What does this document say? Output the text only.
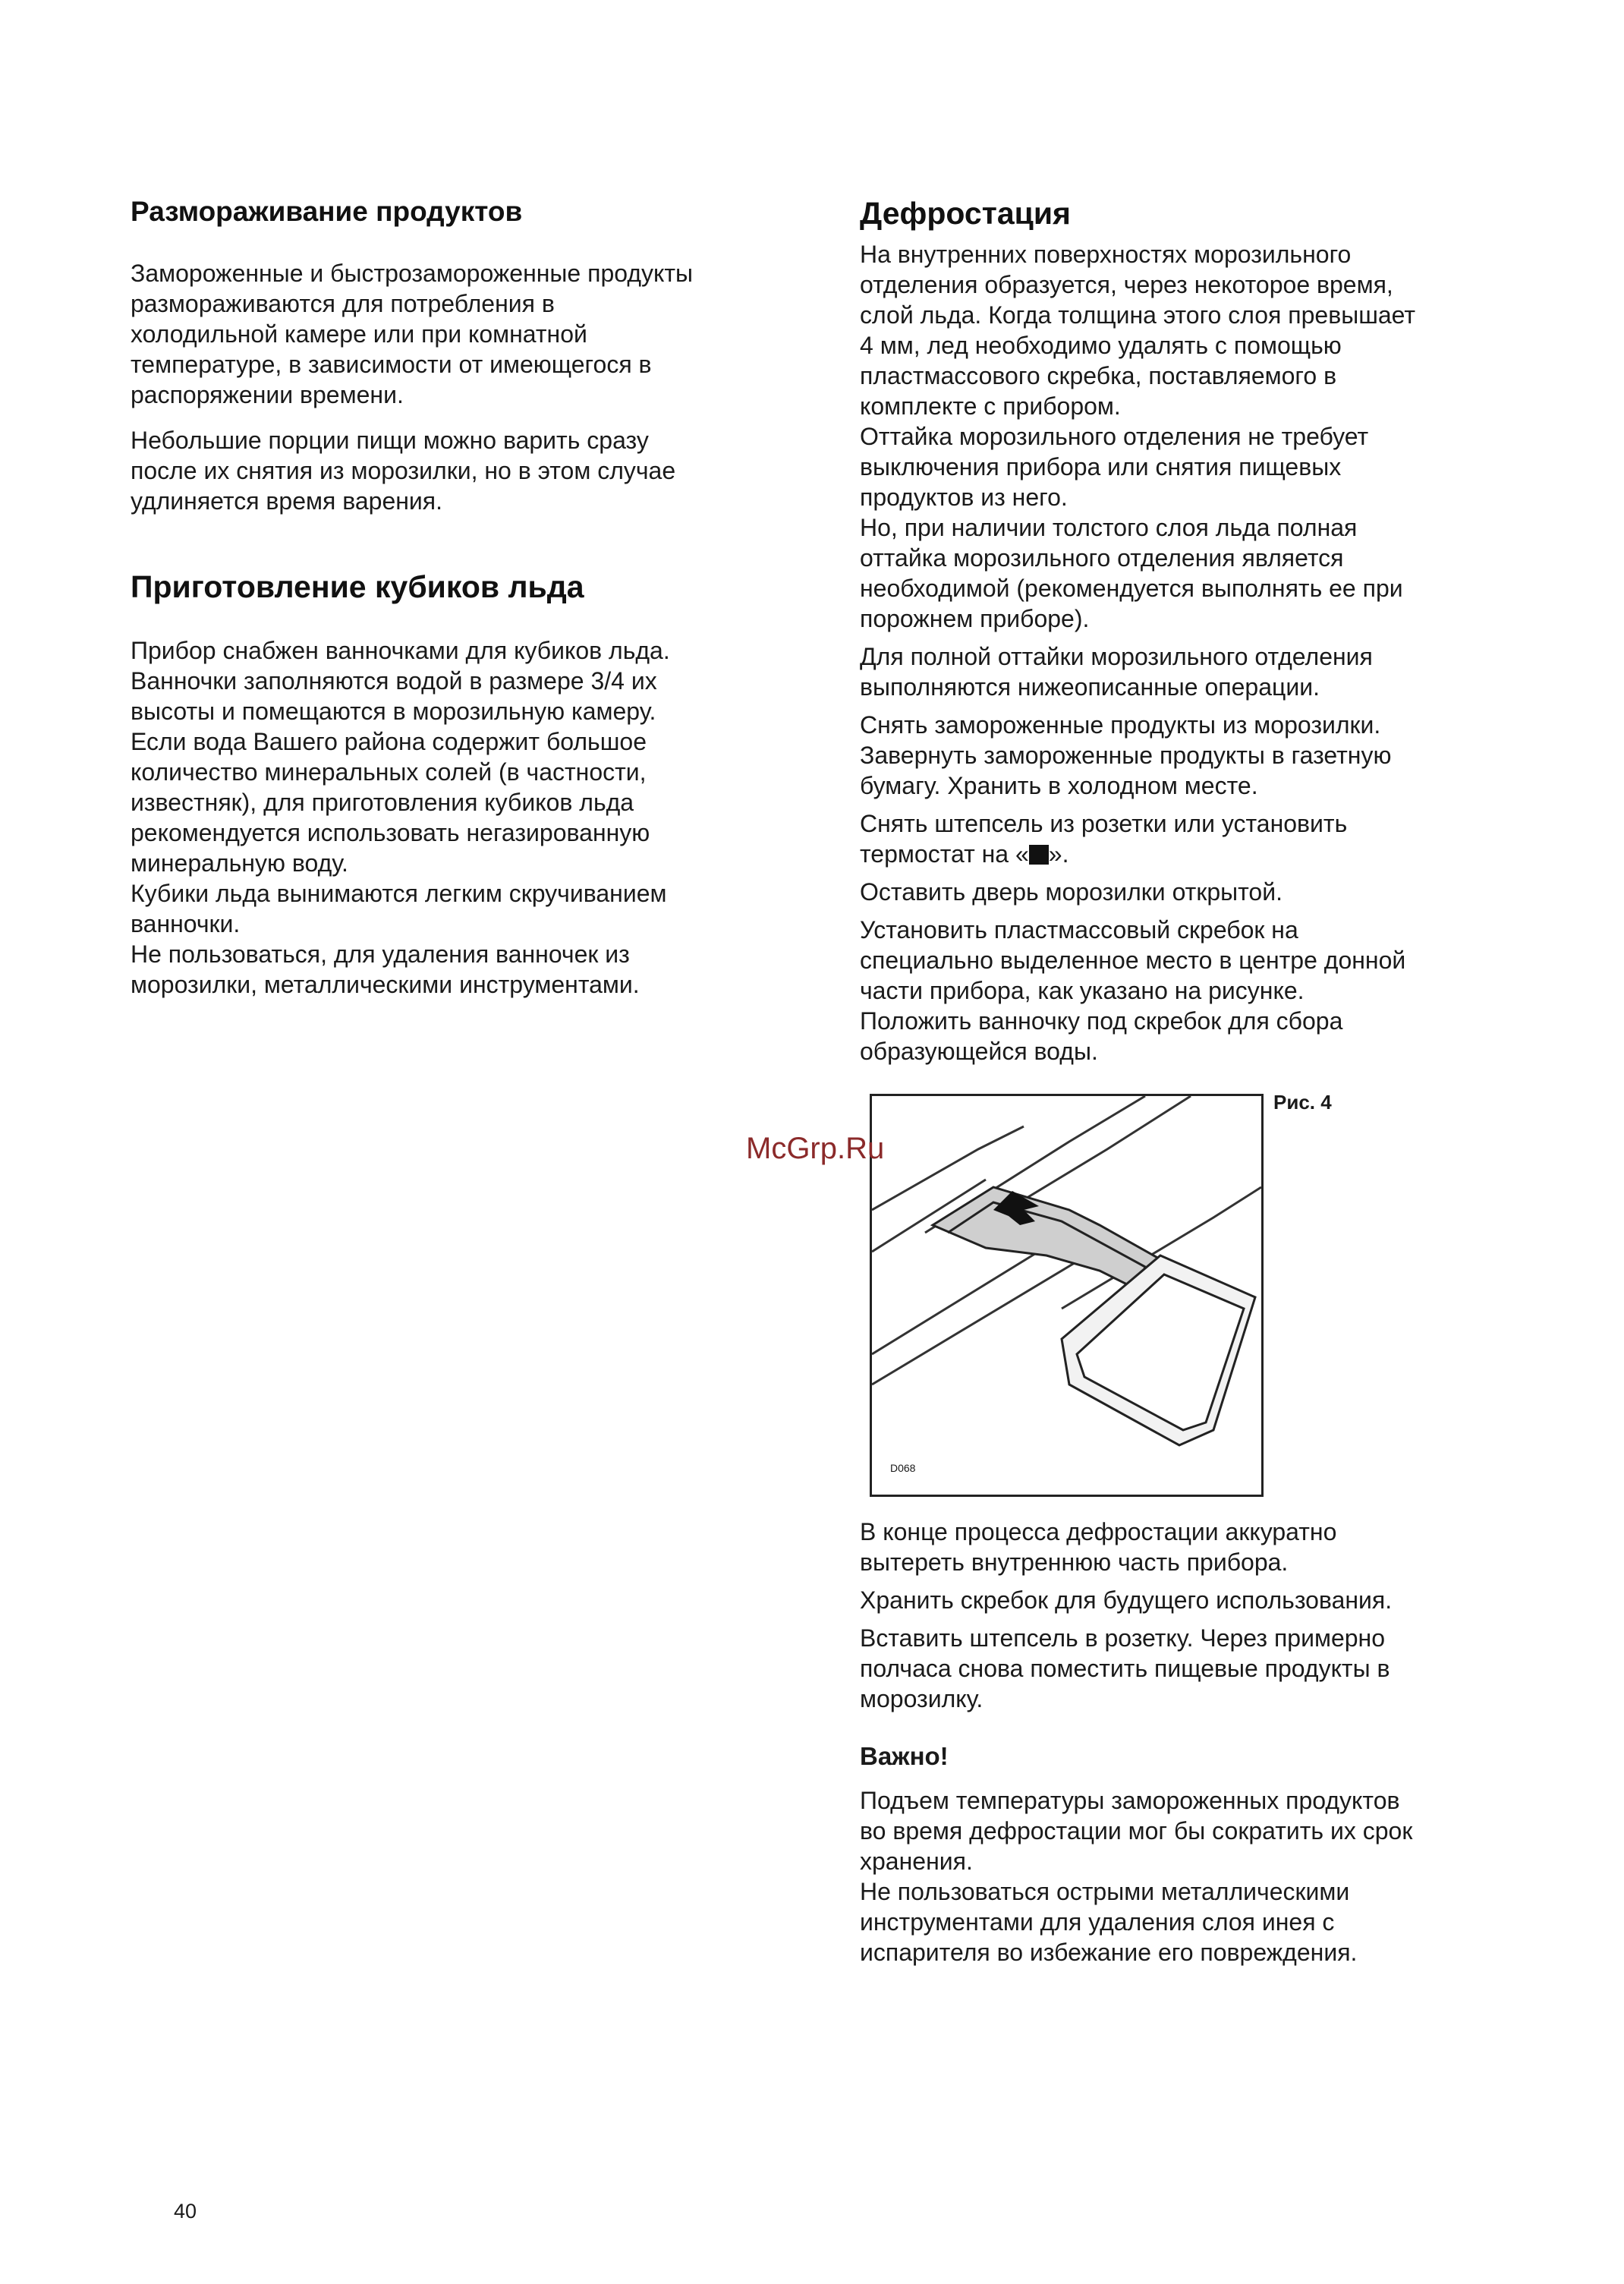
Размораживание продуктов

Замороженные и быстрозамороженные продукты

размораживаются для потребления в

холодильной камере или при комнатной

температуре, в зависимости от имеющегося в

распоряжении времени.

Небольшие порции пищи можно варить сразу

после их снятия из морозилки, но в этом случае

удлиняется время варения.

Приготовление кубиков льда

Прибор снабжен ванночками для кубиков льда.

Ванночки заполняются водой в размере 3/4 их

высоты и помещаются в морозильную камеру.

Если вода Вашего района содержит большое

количество минеральных солей (в частности,

известняк), для приготовления кубиков льда

рекомендуется использовать негазированную

минеральную воду.

Кубики льда вынимаются легким скручиванием

ванночки.

Не пользоваться, для удаления ванночек из

морозилки, металлическими инструментами.

Дефростация

На внутренних поверхностях морозильного

отделения образуется, через некоторое время,

слой льда. Когда толщина этого слоя превышает

4 мм, лед необходимо удалять с помощью

пластмассового скребка, поставляемого в

комплекте с прибором.

Оттайка морозильного отделения не требует

выключения прибора или снятия пищевых

продуктов из него.

Но, при наличии толстого слоя льда полная

оттайка морозильного отделения является

необходимой (рекомендуется выполнять ее при

порожнем приборе).

Для полной оттайки морозильного отделения

выполняются нижеописанные операции.

Снять замороженные продукты из морозилки.

Завернуть замороженные продукты в газетную

бумагу. Хранить в холодном месте.

Снять штепсель из розетки или установить

термостат на « ».

Оставить дверь морозилки открытой.

Установить пластмассовый скребок на

специально выделенное место в центре донной

части прибора, как указано на рисунке.

Положить ванночку под скребок для сбора

образующейся воды.

Рис. 4
D068
McGrp.Ru

В конце процесса дефростации аккуратно

вытереть внутреннюю часть прибора.

Хранить скребок для будущего использования.

Вставить штепсель в розетку. Через примерно

полчаса снова поместить пищевые продукты в

морозилку.

Важно!

Подъем температуры замороженных продуктов

во время дефростации мог бы сократить их срок

хранения.

Не пользоваться острыми металлическими

инструментами для удаления слоя инея с

испарителя во избежание его повреждения.

40
